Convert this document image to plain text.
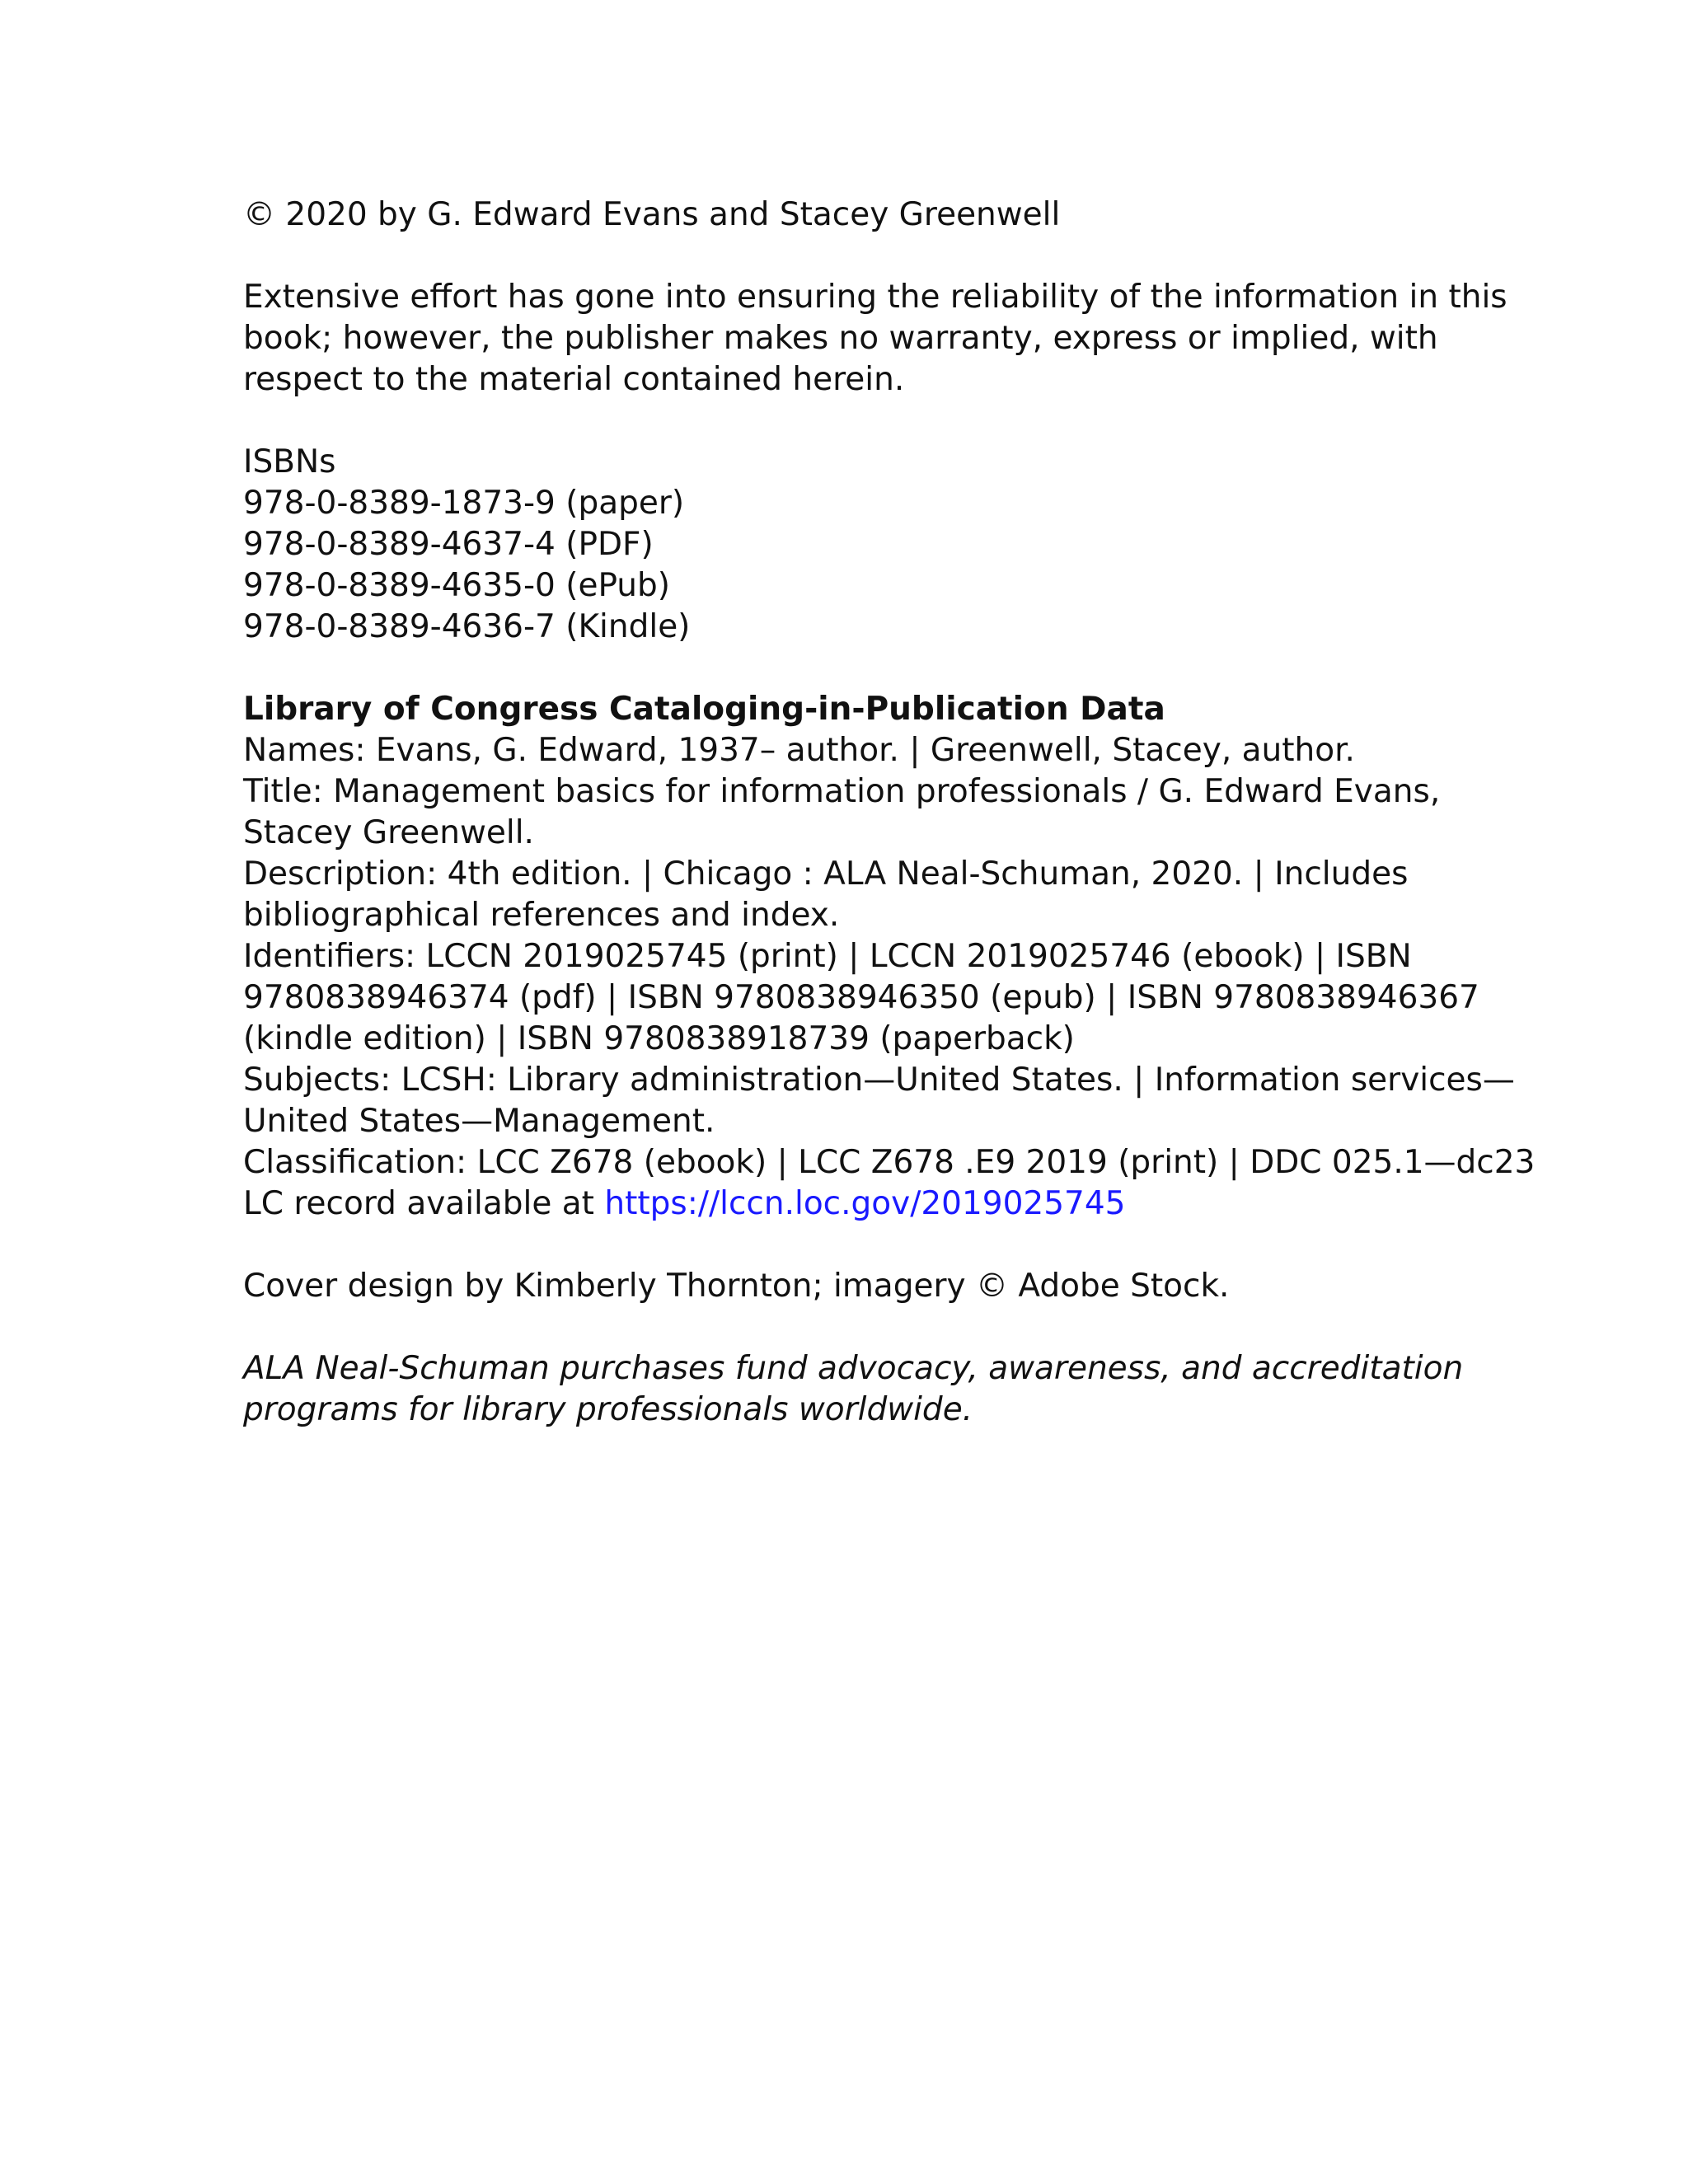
© 2020 by G. Edward Evans and Stacey Greenwell

Extensive effort has gone into ensuring the reliability of the information in this
book; however, the publisher makes no warranty, express or implied, with
respect to the material contained herein.

ISBNs
978-0-8389-1873-9 (paper)
978-0-8389-4637-4 (PDF)
978-0-8389-4635-0 (ePub)
978-0-8389-4636-7 (Kindle)
Library of Congress Cataloging-in-Publication Data
Names: Evans, G. Edward, 1937– author. | Greenwell, Stacey, author.
Title: Management basics for information professionals / G. Edward Evans,
Stacey Greenwell.
Description: 4th edition. | Chicago : ALA Neal-Schuman, 2020. | Includes
bibliographical references and index.
Identifiers: LCCN 2019025745 (print) | LCCN 2019025746 (ebook) | ISBN
9780838946374 (pdf) | ISBN 9780838946350 (epub) | ISBN 9780838946367
(kindle edition) | ISBN 9780838918739 (paperback)
Subjects: LCSH: Library administration—United States. | Information services—
United States—Management.
Classification: LCC Z678 (ebook) | LCC Z678 .E9 2019 (print) | DDC 025.1—dc23
LC record available at https://lccn.loc.gov/2019025745

Cover design by Kimberly Thornton; imagery © Adobe Stock.

ALA Neal-Schuman purchases fund advocacy, awareness, and accreditation
programs for library professionals worldwide.
